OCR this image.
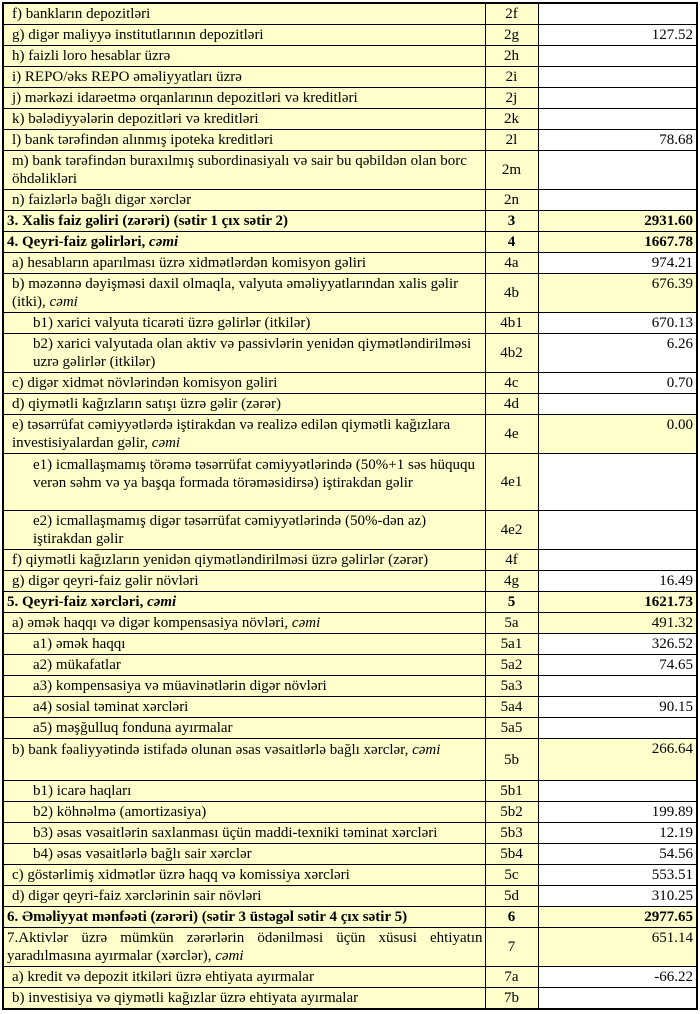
f) bankların depozitləri	2f	
g) digər maliyyə institutlarının depozitləri	2g	127.52
h) faizli loro hesablar üzrə	2h	
i) REPO/əks REPO əməliyyatları üzrə	2i	
j) mərkəzi idarəetmə orqanlarının depozitləri və kreditləri	2j	
k) bələdiyyələrin depozitləri və kreditləri	2k	
l) bank tərəfindən alınmış ipoteka kreditləri	2l	78.68
m) bank tərəfindən buraxılmış subordinasiyalı və sair bu qəbildən olan borc öhdəlikləri	2m	
n) faizlərlə bağlı digər xərclər	2n	
3. Xalis faiz gəliri (zərəri) (sətir 1 çıx sətir 2)	3	2931.60
4. Qeyri-faiz gəlirləri, cəmi	4	1667.78
a) hesabların aparılması üzrə xidmətlərdən komisyon gəliri	4a	974.21
b) məzənnə dəyişməsi daxil olmaqla, valyuta əməliyyatlarından xalis gəlir (itki), cəmi	4b	676.39
b1) xarici valyuta ticarəti üzrə gəlirlər (itkilər)	4b1	670.13
b2) xarici valyutada olan aktiv və passivlərin yenidən qiymətləndirilməsi uzrə gəlirlər (itkilər)	4b2	6.26
c) digər xidmət növlərindən komisyon gəliri	4c	0.70
d) qiymətli kağızların satışı üzrə gəlir (zərər)	4d	
e) təsərrüfat cəmiyyətlərdə iştirakdan və realizə edilən qiymətli kağızlara investisiyalardan gəlir, cəmi	4e	0.00
e1) icmallaşmamış törəmə təsərrüfat cəmiyyətlərində (50%+1 səs hüququ verən səhm və ya başqa formada törəməsidirsə) iştirakdan gəlir	4e1	
e2) icmallaşmamış digər təsərrüfat cəmiyyətlərində (50%-dən az) iştirakdan gəlir	4e2	
f) qiymətli kağızların yenidən qiymətləndirilməsi üzrə gəlirlər (zərər)	4f	
g) digər qeyri-faiz gəlir növləri	4g	16.49
5. Qeyri-faiz xərcləri, cəmi	5	1621.73
a) əmək haqqı və digər kompensasiya növləri, cəmi	5a	491.32
a1) əmək haqqı	5a1	326.52
a2) mükafatlar	5a2	74.65
a3) kompensasiya və müavinətlərin digər növləri	5a3	
a4) sosial təminat xərcləri	5a4	90.15
a5) məşğulluq fonduna ayırmalar	5a5	
b) bank fəaliyyətində istifadə olunan əsas vəsaitlərlə bağlı xərclər, cəmi	5b	266.64
b1) icarə haqları	5b1	
b2) köhnəlmə (amortizasiya)	5b2	199.89
b3) əsas vəsaitlərin saxlanması üçün maddi-texniki təminat xərcləri	5b3	12.19
b4) əsas vəsaitlərlə bağlı sair xərclər	5b4	54.56
c) göstərlimiş xidmətlər üzrə haqq və komissiya xərcləri	5c	553.51
d) digər qeyri-faiz xərclərinin sair növləri	5d	310.25
6. Əməliyyat mənfəəti (zərəri) (sətir 3 üstəgəl sətir 4 çıx sətir 5)	6	2977.65
7.Aktivlər üzrə mümkün zərərlərin ödənilməsi üçün xüsusi ehtiyatın yaradılmasına ayırmalar (xərclər), cəmi	7	651.14
a) kredit və depozit itkiləri üzrə ehtiyata ayırmalar	7a	-66.22
b) investisiya və qiymətli kağızlar üzrə ehtiyata ayırmalar	7b	
